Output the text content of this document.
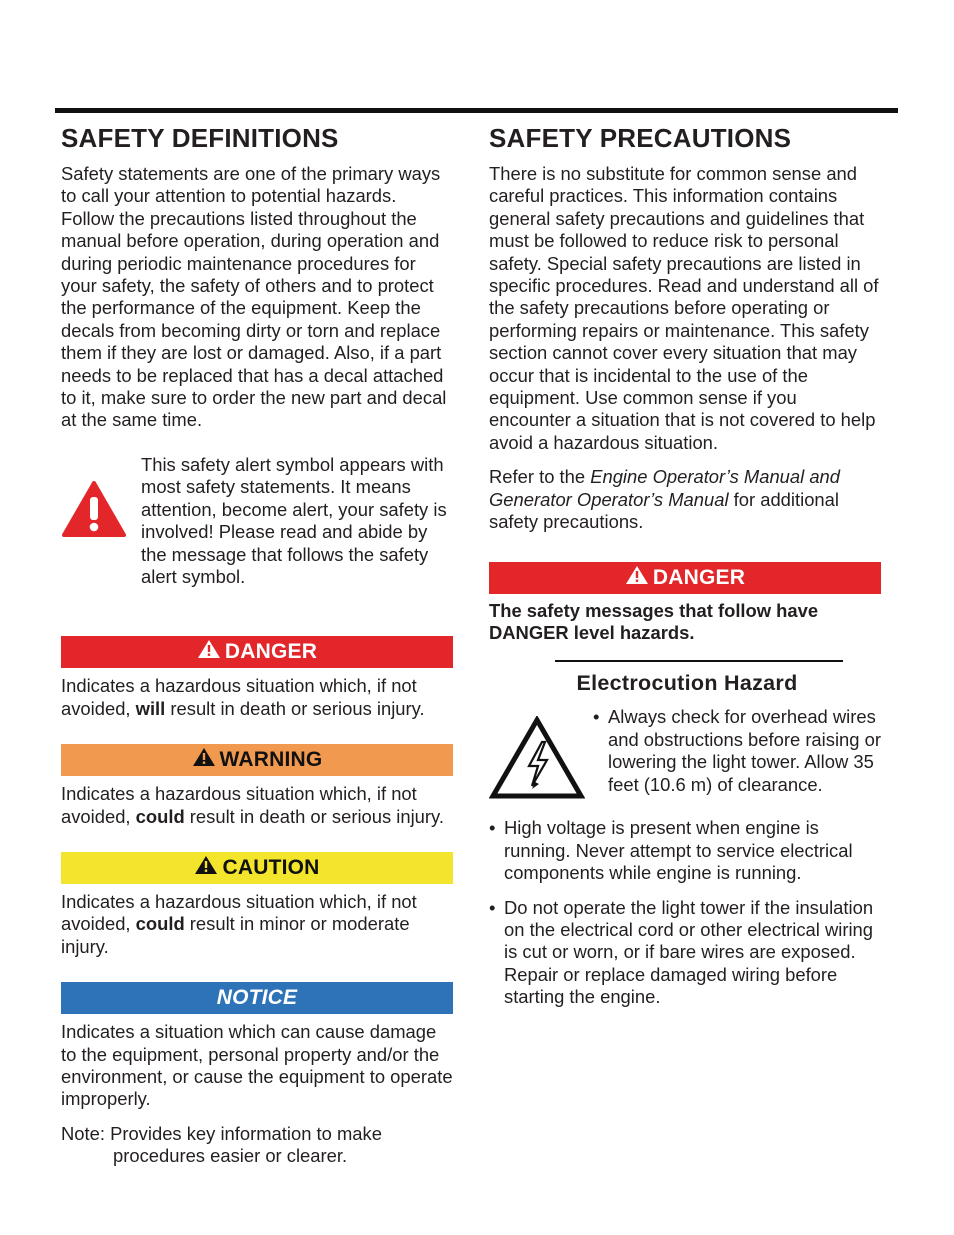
SAFETY DEFINITIONS

Safety statements are one of the primary ways to call your attention to potential hazards. Follow the precautions listed throughout the manual before operation, during operation and during periodic maintenance procedures for your safety, the safety of others and to protect the performance of the equipment. Keep the decals from becoming dirty or torn and replace them if they are lost or damaged. Also, if a part needs to be replaced that has a decal attached to it, make sure to order the new part and decal at the same time.

This safety alert symbol appears with most safety statements. It means attention, become alert, your safety is involved! Please read and abide by the message that follows the safety alert symbol.

DANGER

Indicates a hazardous situation which, if not avoided, will result in death or serious injury.

WARNING

Indicates a hazardous situation which, if not avoided, could result in death or serious injury.

CAUTION

Indicates a hazardous situation which, if not avoided, could result in minor or moderate injury.

NOTICE

Indicates a situation which can cause damage to the equipment, personal property and/or the environment, or cause the equipment to operate improperly.

Note: Provides key information to make
procedures easier or clearer.

SAFETY PRECAUTIONS

There is no substitute for common sense and careful practices. This information contains general safety precautions and guidelines that must be followed to reduce risk to personal safety. Special safety precautions are listed in specific procedures. Read and understand all of the safety precautions before operating or performing repairs or maintenance. This safety section cannot cover every situation that may occur that is incidental to the use of the equipment. Use common sense if you encounter a situation that is not covered to help avoid a hazardous situation.

Refer to the Engine Operator’s Manual and Generator Operator’s Manual for additional safety precautions.

DANGER

The safety messages that follow have DANGER level hazards.

Electrocution Hazard
• Always check for overhead wires and obstructions before raising or lowering the light tower. Allow 35 feet (10.6 m) of clearance.
• High voltage is present when engine is running. Never attempt to service electrical components while engine is running.
• Do not operate the light tower if the insulation on the electrical cord or other electrical wiring is cut or worn, or if bare wires are exposed. Repair or replace damaged wiring before starting the engine.
